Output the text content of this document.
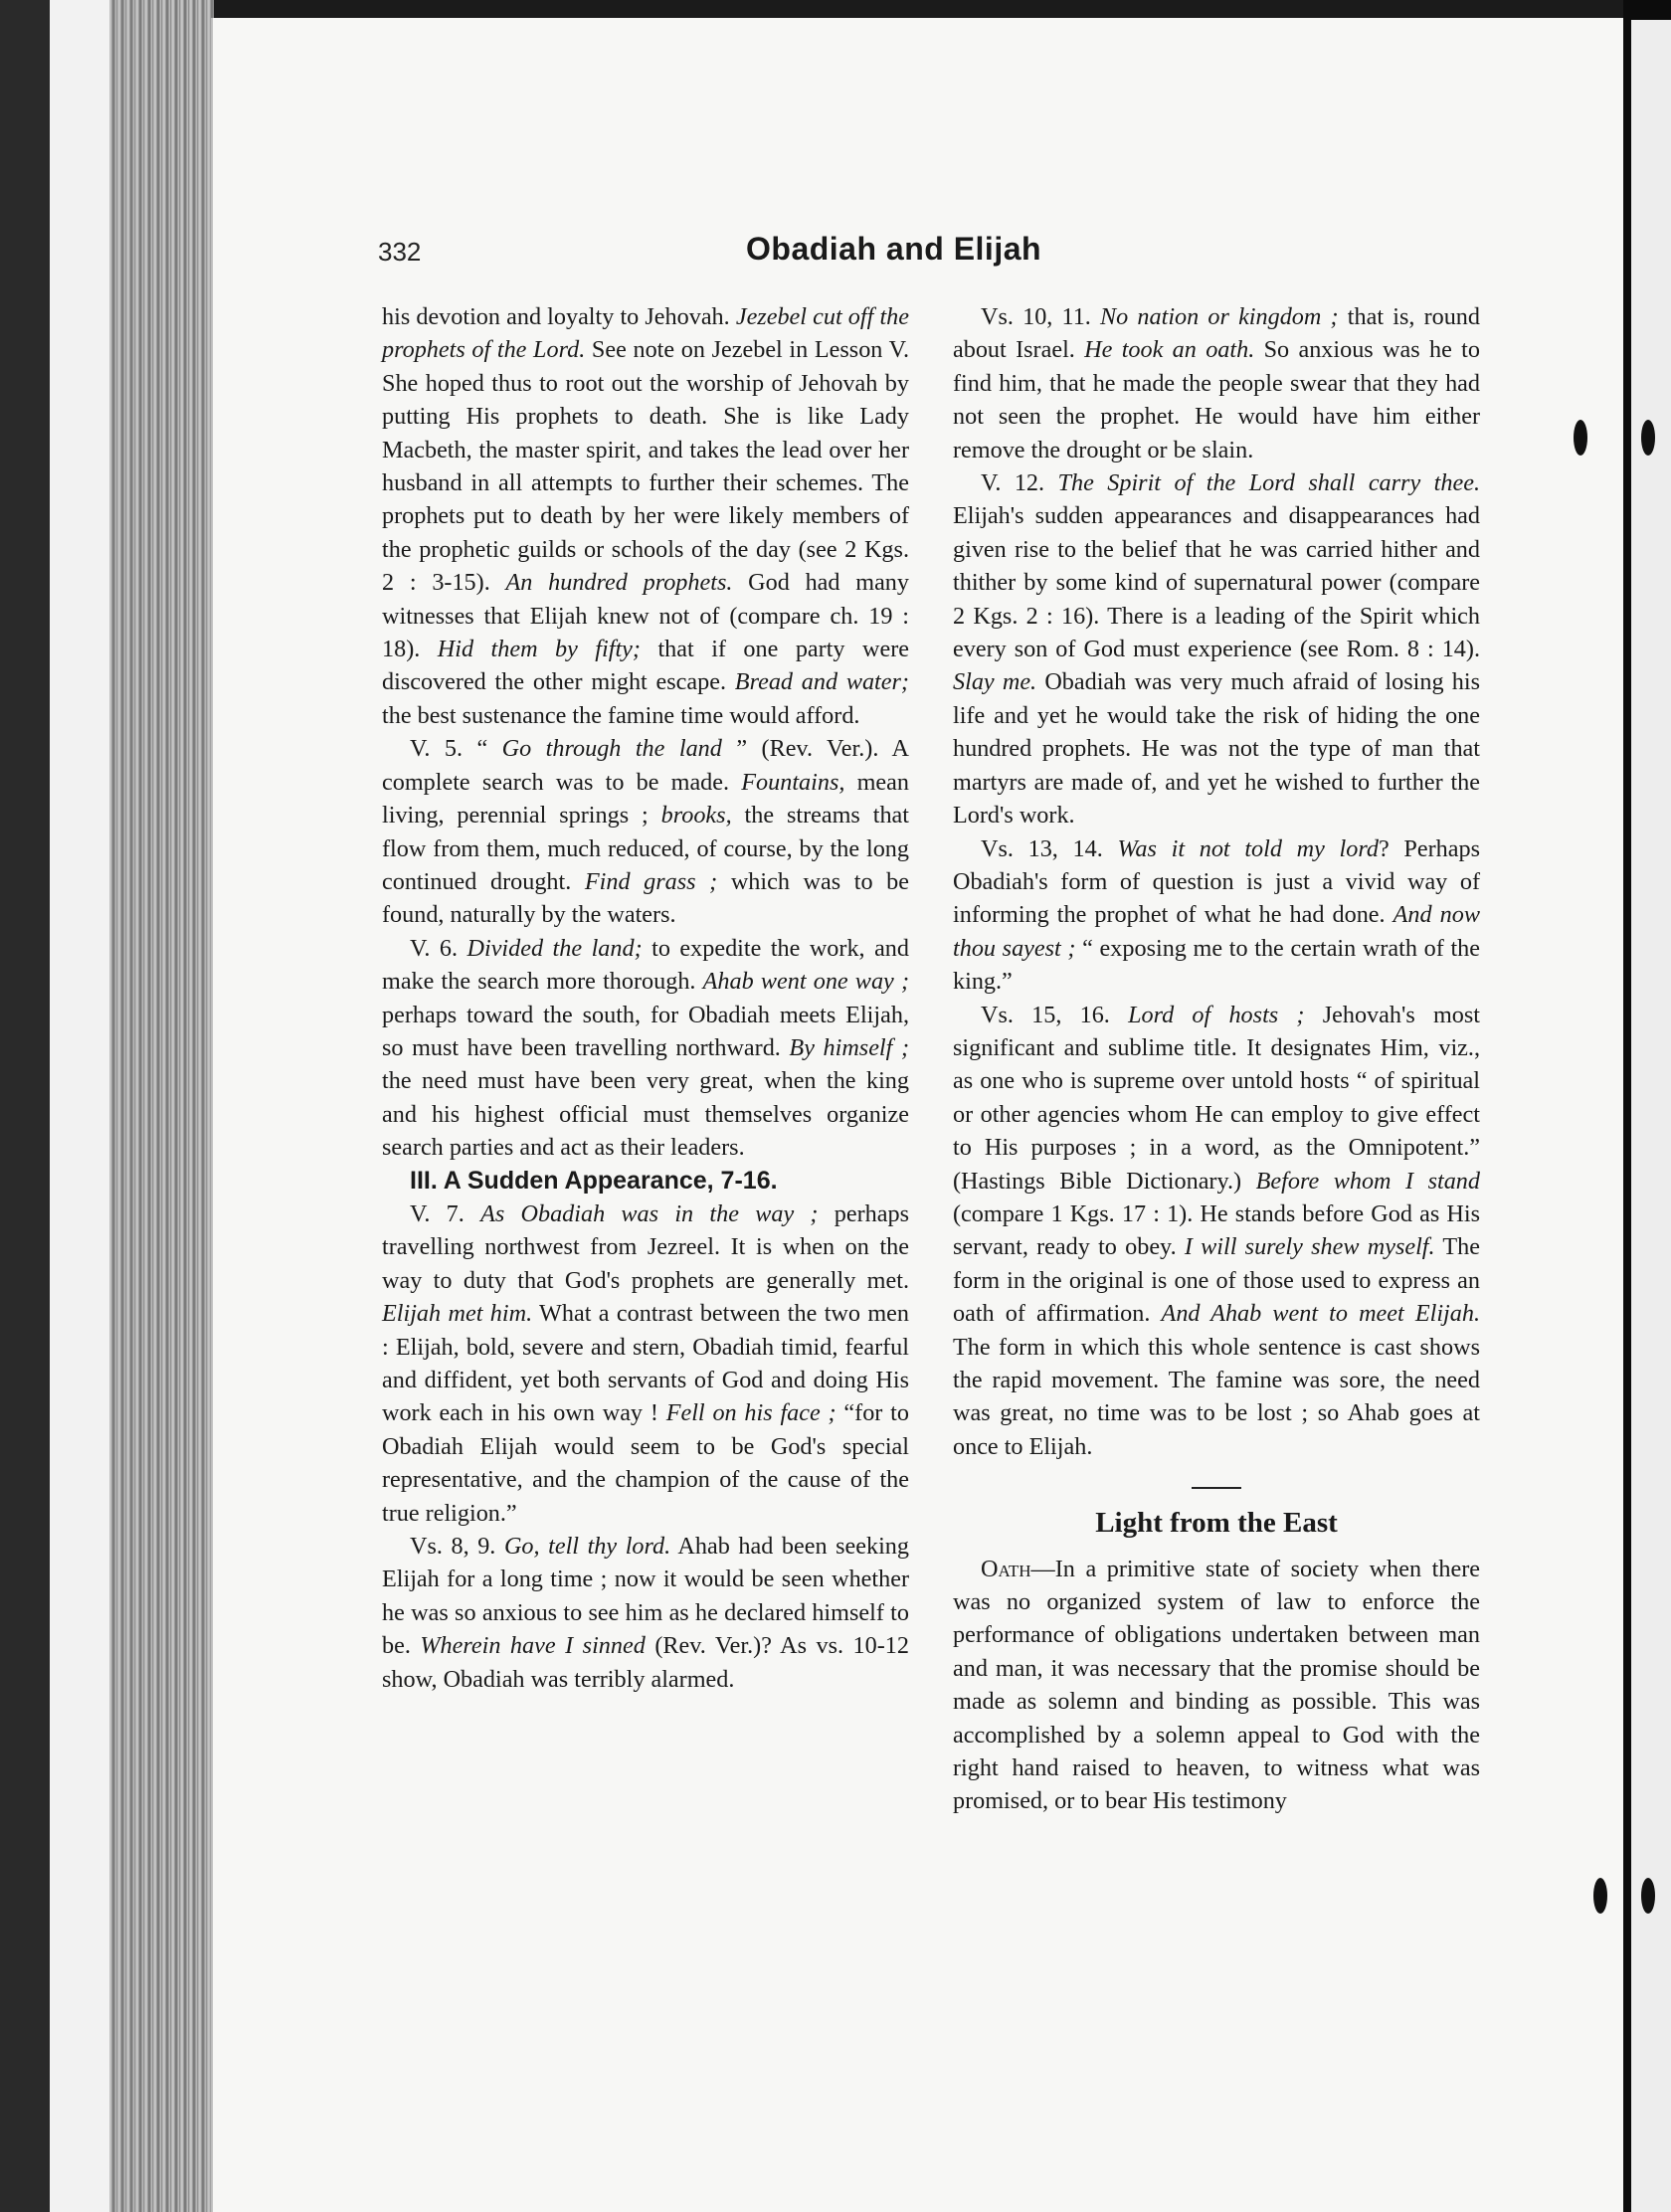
332	Obadiah and Elijah

his devotion and loyalty to Jehovah. Jezebel cut off the prophets of the Lord. See note on Jezebel in Lesson V. She hoped thus to root out the worship of Jehovah by putting His prophets to death. She is like Lady Macbeth, the master spirit, and takes the lead over her husband in all attempts to further their schemes. The prophets put to death by her were likely members of the prophetic guilds or schools of the day (see 2 Kgs. 2 : 3-15). An hundred prophets. God had many witnesses that Elijah knew not of (compare ch. 19 : 18). Hid them by fifty; that if one party were discovered the other might escape. Bread and water; the best sustenance the famine time would afford.

V. 5. “ Go through the land ” (Rev. Ver.). A complete search was to be made. Fountains, mean living, perennial springs ; brooks, the streams that flow from them, much reduced, of course, by the long continued drought. Find grass ; which was to be found, naturally by the waters.

V. 6. Divided the land; to expedite the work, and make the search more thorough. Ahab went one way ; perhaps toward the south, for Obadiah meets Elijah, so must have been travelling northward. By himself ; the need must have been very great, when the king and his highest official must themselves organize search parties and act as their leaders.

III. A Sudden Appearance, 7-16.

V. 7. As Obadiah was in the way ; perhaps travelling northwest from Jezreel. It is when on the way to duty that God's prophets are generally met. Elijah met him. What a contrast between the two men : Elijah, bold, severe and stern, Obadiah timid, fearful and diffident, yet both servants of God and doing His work each in his own way ! Fell on his face ; “for to Obadiah Elijah would seem to be God's special representative, and the champion of the cause of the true religion.”

Vs. 8, 9. Go, tell thy lord. Ahab had been seeking Elijah for a long time ; now it would be seen whether he was so anxious to see him as he declared himself to be. Wherein have I sinned (Rev. Ver.)? As vs. 10-12 show, Obadiah was terribly alarmed.

Vs. 10, 11. No nation or kingdom ; that is, round about Israel. He took an oath. So anxious was he to find him, that he made the people swear that they had not seen the prophet. He would have him either remove the drought or be slain.

V. 12. The Spirit of the Lord shall carry thee. Elijah's sudden appearances and disappearances had given rise to the belief that he was carried hither and thither by some kind of supernatural power (compare 2 Kgs. 2 : 16). There is a leading of the Spirit which every son of God must experience (see Rom. 8 : 14). Slay me. Obadiah was very much afraid of losing his life and yet he would take the risk of hiding the one hundred prophets. He was not the type of man that martyrs are made of, and yet he wished to further the Lord's work.

Vs. 13, 14. Was it not told my lord? Perhaps Obadiah's form of question is just a vivid way of informing the prophet of what he had done. And now thou sayest ; “ exposing me to the certain wrath of the king.”

Vs. 15, 16. Lord of hosts ; Jehovah's most significant and sublime title. It designates Him, viz., as one who is supreme over untold hosts “ of spiritual or other agencies whom He can employ to give effect to His purposes ; in a word, as the Omnipotent.” (Hastings Bible Dictionary.) Before whom I stand (compare 1 Kgs. 17 : 1). He stands before God as His servant, ready to obey. I will surely shew myself. The form in the original is one of those used to express an oath of affirmation. And Ahab went to meet Elijah. The form in which this whole sentence is cast shows the rapid movement. The famine was sore, the need was great, no time was to be lost ; so Ahab goes at once to Elijah.

Light from the East

Oath—In a primitive state of society when there was no organized system of law to enforce the performance of obligations undertaken between man and man, it was necessary that the promise should be made as solemn and binding as possible. This was accomplished by a solemn appeal to God with the right hand raised to heaven, to witness what was promised, or to bear His testimony
